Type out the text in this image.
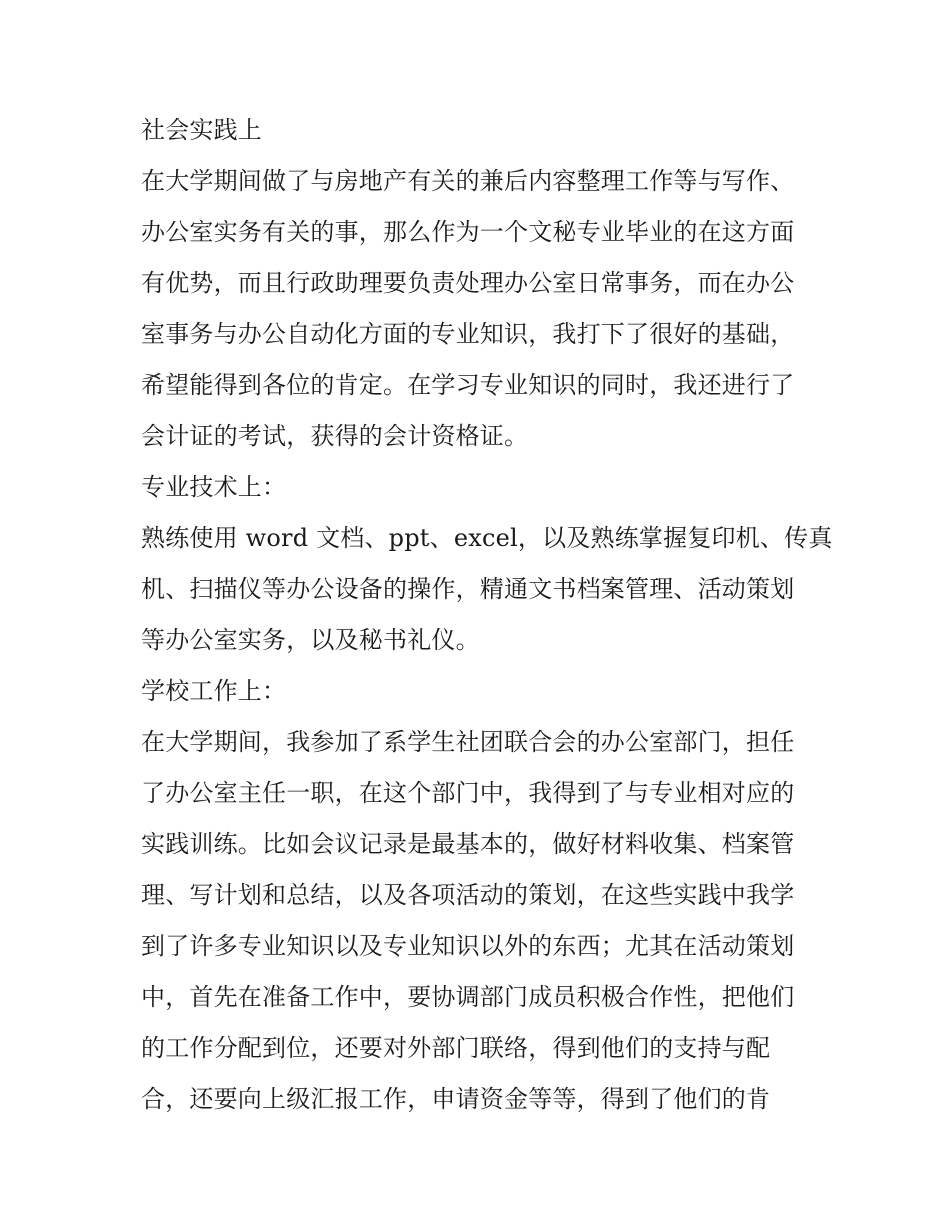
社会实践上
在大学期间做了与房地产有关的兼后内容整理工作等与写作、
办公室实务有关的事，那么作为一个文秘专业毕业的在这方面
有优势，而且行政助理要负责处理办公室日常事务，而在办公
室事务与办公自动化方面的专业知识，我打下了很好的基础，
希望能得到各位的肯定。在学习专业知识的同时，我还进行了
会计证的考试，获得的会计资格证。
专业技术上：
熟练使用 word 文档、ppt、excel，以及熟练掌握复印机、传真
机、扫描仪等办公设备的操作，精通文书档案管理、活动策划
等办公室实务，以及秘书礼仪。
学校工作上：
在大学期间，我参加了系学生社团联合会的办公室部门，担任
了办公室主任一职，在这个部门中，我得到了与专业相对应的
实践训练。比如会议记录是最基本的，做好材料收集、档案管
理、写计划和总结，以及各项活动的策划，在这些实践中我学
到了许多专业知识以及专业知识以外的东西；尤其在活动策划
中，首先在准备工作中，要协调部门成员积极合作性，把他们
的工作分配到位，还要对外部门联络，得到他们的支持与配
合，还要向上级汇报工作，申请资金等等，得到了他们的肯
